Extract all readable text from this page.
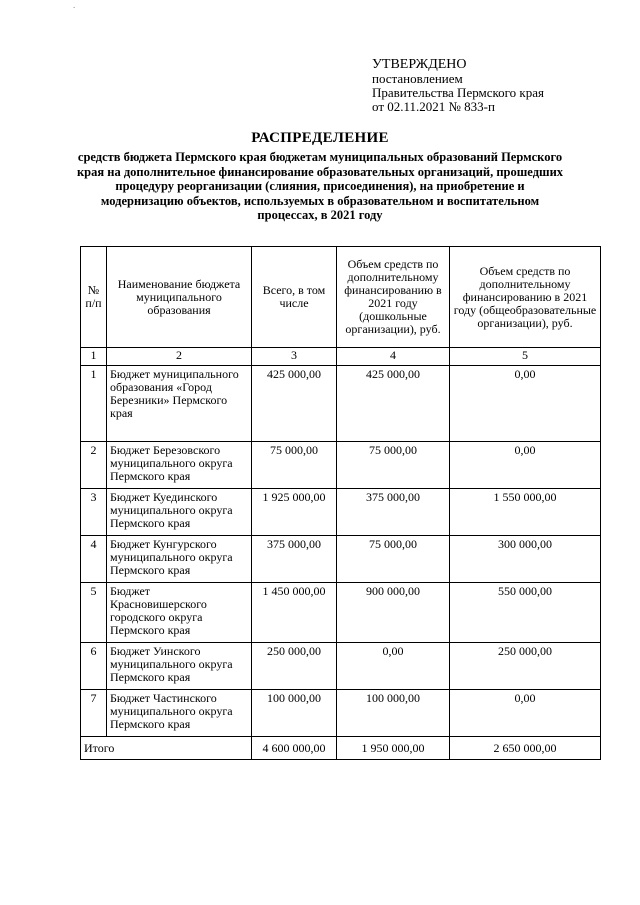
.
УТВЕРЖДЕНО
постановлением
Правительства Пермского края
от 02.11.2021 № 833-п
РАСПРЕДЕЛЕНИЕ
средств бюджета Пермского края бюджетам муниципальных образований Пермского края на дополнительное финансирование образовательных организаций, прошедших процедуру реорганизации (слияния, присоединения), на приобретение и модернизацию объектов, используемых в образовательном и воспитательном процессах, в 2021 году
№ п/п	Наименование бюджета муниципального образования	Всего, в том числе	Объем средств по дополнительному финансированию в 2021 году (дошкольные организации), руб.	Объем средств по дополнительному финансированию в 2021 году (общеобразовательные организации), руб.
1	2	3	4	5
1	Бюджет муниципального образования «Город Березники» Пермского края	425 000,00	425 000,00	0,00
2	Бюджет Березовского муниципального округа Пермского края	75 000,00	75 000,00	0,00
3	Бюджет Куединского муниципального округа Пермского края	1 925 000,00	375 000,00	1 550 000,00
4	Бюджет Кунгурского муниципального округа Пермского края	375 000,00	75 000,00	300 000,00
5	Бюджет Красновишерского городского округа Пермского края	1 450 000,00	900 000,00	550 000,00
6	Бюджет Уинского муниципального округа Пермского края	250 000,00	0,00	250 000,00
7	Бюджет Частинского муниципального округа Пермского края	100 000,00	100 000,00	0,00
Итого		4 600 000,00	1 950 000,00	2 650 000,00
